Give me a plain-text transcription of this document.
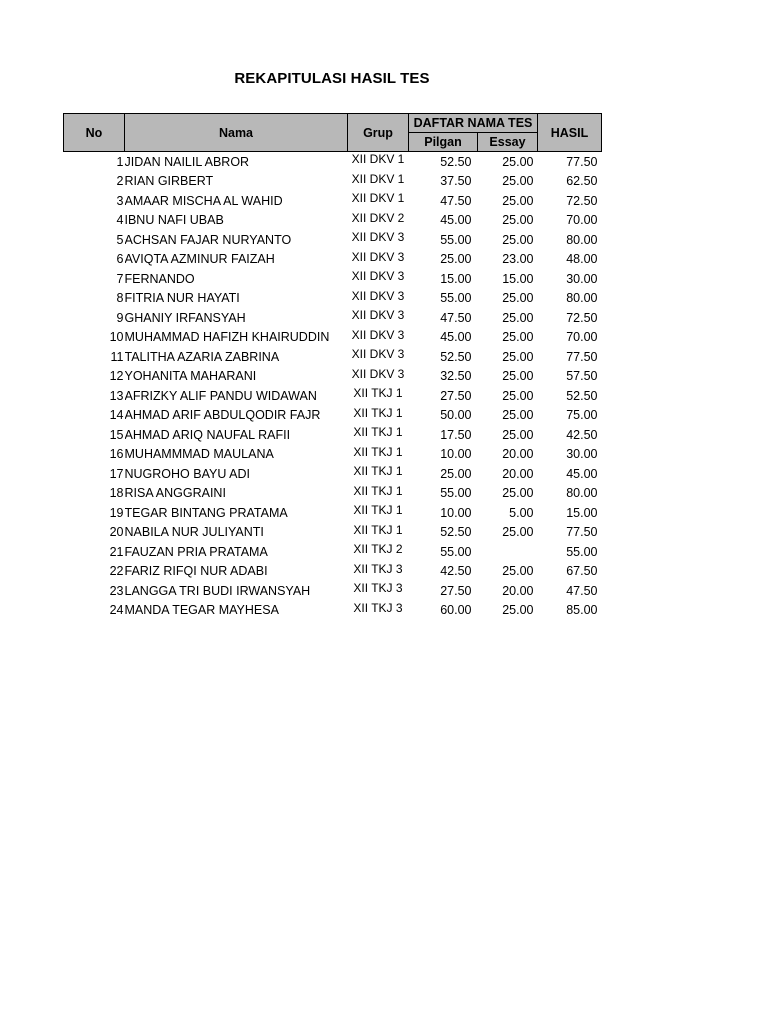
REKAPITULASI HASIL TES
No	Nama	Grup	DAFTAR NAMA TES		HASIL
			Pilgan	Essay	
1	JIDAN NAILIL ABROR	XII DKV 1	52.50	25.00	77.50
2	RIAN GIRBERT	XII DKV 1	37.50	25.00	62.50
3	AMAAR MISCHA AL WAHID	XII DKV 1	47.50	25.00	72.50
4	IBNU NAFI UBAB	XII DKV 2	45.00	25.00	70.00
5	ACHSAN FAJAR NURYANTO	XII DKV 3	55.00	25.00	80.00
6	AVIQTA AZMINUR FAIZAH	XII DKV 3	25.00	23.00	48.00
7	FERNANDO	XII DKV 3	15.00	15.00	30.00
8	FITRIA NUR HAYATI	XII DKV 3	55.00	25.00	80.00
9	GHANIY IRFANSYAH	XII DKV 3	47.50	25.00	72.50
10	MUHAMMAD HAFIZH KHAIRUDDIN	XII DKV 3	45.00	25.00	70.00
11	TALITHA AZARIA ZABRINA	XII DKV 3	52.50	25.00	77.50
12	YOHANITA MAHARANI	XII DKV 3	32.50	25.00	57.50
13	AFRIZKY ALIF PANDU WIDAWAN	XII TKJ 1	27.50	25.00	52.50
14	AHMAD ARIF ABDULQODIR FAJR	XII TKJ 1	50.00	25.00	75.00
15	AHMAD ARIQ NAUFAL RAFII	XII TKJ 1	17.50	25.00	42.50
16	MUHAMMMAD MAULANA	XII TKJ 1	10.00	20.00	30.00
17	NUGROHO BAYU ADI	XII TKJ 1	25.00	20.00	45.00
18	RISA ANGGRAINI	XII TKJ 1	55.00	25.00	80.00
19	TEGAR BINTANG PRATAMA	XII TKJ 1	10.00	5.00	15.00
20	NABILA NUR JULIYANTI	XII TKJ 1	52.50	25.00	77.50
21	FAUZAN PRIA PRATAMA	XII TKJ 2	55.00		55.00
22	FARIZ RIFQI NUR ADABI	XII TKJ 3	42.50	25.00	67.50
23	LANGGA TRI BUDI IRWANSYAH	XII TKJ 3	27.50	20.00	47.50
24	MANDA TEGAR MAYHESA	XII TKJ 3	60.00	25.00	85.00
